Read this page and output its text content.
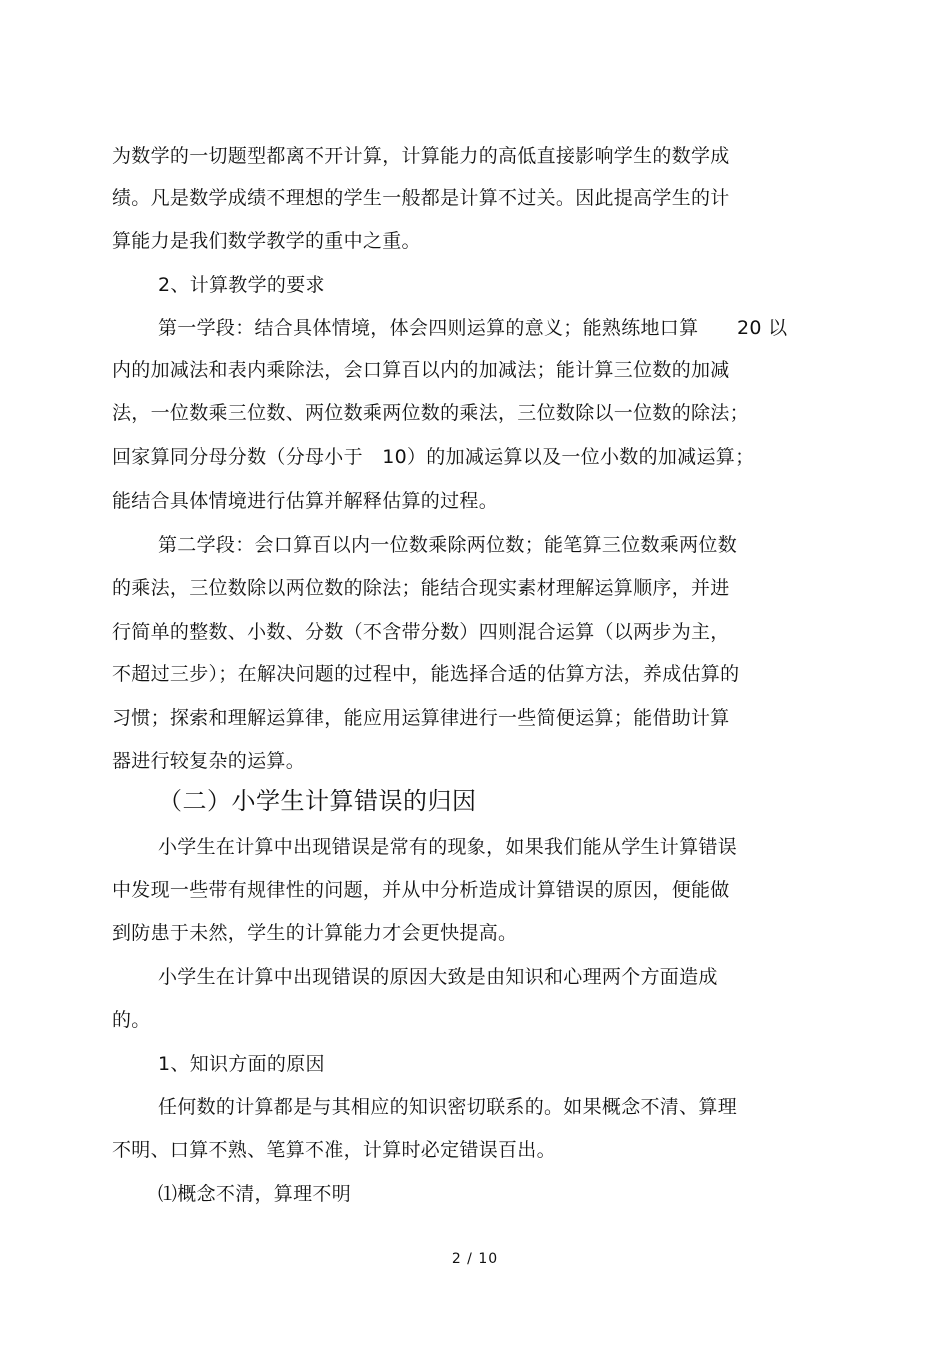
为数学的一切题型都离不开计算，计算能力的高低直接影响学生的数学成
绩。凡是数学成绩不理想的学生一般都是计算不过关。因此提高学生的计
算能力是我们数学教学的重中之重。
2、计算教学的要求
第一学段：结合具体情境，体会四则运算的意义；能熟练地口算　　20 以
内的加减法和表内乘除法，会口算百以内的加减法；能计算三位数的加减
法，一位数乘三位数、两位数乘两位数的乘法，三位数除以一位数的除法；
回家算同分母分数（分母小于　10）的加减运算以及一位小数的加减运算；
能结合具体情境进行估算并解释估算的过程。
第二学段：会口算百以内一位数乘除两位数；能笔算三位数乘两位数
的乘法，三位数除以两位数的除法；能结合现实素材理解运算顺序，并进
行简单的整数、小数、分数（不含带分数）四则混合运算（以两步为主，
不超过三步）；在解决问题的过程中，能选择合适的估算方法，养成估算的
习惯；探索和理解运算律，能应用运算律进行一些简便运算；能借助计算
器进行较复杂的运算。
（二）小学生计算错误的归因
小学生在计算中出现错误是常有的现象，如果我们能从学生计算错误
中发现一些带有规律性的问题，并从中分析造成计算错误的原因，便能做
到防患于未然，学生的计算能力才会更快提高。
小学生在计算中出现错误的原因大致是由知识和心理两个方面造成
的。
1、知识方面的原因
任何数的计算都是与其相应的知识密切联系的。如果概念不清、算理
不明、口算不熟、笔算不准，计算时必定错误百出。
⑴概念不清，算理不明
2 / 10
